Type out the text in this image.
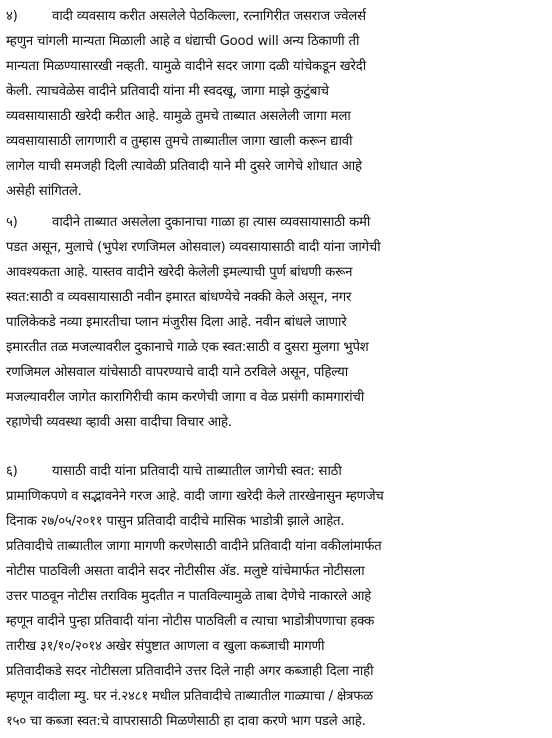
४)	वादी व्यवसाय करीत असलेले पेठकिल्ला, रत्नागिरीत जसराज ज्वेलर्स
म्हणुन चांगली मान्यता मिळाली आहे व धंद्याची Good will अन्य ठिकाणी ती
मान्यता मिळण्यासारखी नव्हती. यामुळे वादीने सदर जागा दळी यांचेकडून खरेदी
केली. त्याचवेळेस वादीने प्रतिवादी यांना मी स्वदखू, जागा माझे कुटुंबाचे
व्यवसायासाठी खरेदी करीत आहे. यामुळे तुमचे ताब्यात असलेली जागा मला
व्यवसायासाठी लागणारी व तुम्हास तुमचे ताब्यातील जागा खाली करून द्यावी
लागेल याची समजही दिली त्यावेळी प्रतिवादी याने मी दुसरे जागेचे शोधात आहे
असेही सांगितले.
५)	वादीने ताब्यात असलेला दुकानाचा गाळा हा त्यास व्यवसायासाठी कमी
पडत असून, मुलाचे (भुपेश रणजिमल ओसवाल) व्यवसायासाठी वादी यांना जागेची
आवश्यकता आहे. यास्तव वादीने खरेदी केलेली इमल्याची पुर्ण बांधणी करून
स्वत:साठी व व्यवसायासाठी नवीन इमारत बांधण्येचे नक्की केले असून, नगर
पालिकेकडे नव्या इमारतीचा प्लान मंजुरीस दिला आहे. नवीन बांधले जाणारे
इमारतीत तळ मजल्यावरील दुकानाचे गाळे एक स्वत:साठी व दुसरा मुलगा भुपेश
रणजिमल ओसवाल यांचेसाठी वापरण्याचे वादी याने ठरविले असून, पहिल्या
मजल्यावरील जागेत कारागिरीची काम करणेची जागा व वेळ प्रसंगी कामगारांची
रहाणेची व्यवस्था व्हावी असा वादीचा विचार आहे.
६)	यासाठी वादी यांना प्रतिवादी याचे ताब्यातील जागेची स्वत: साठी
प्रामाणिकपणे व सद्भावनेने गरज आहे. वादी जागा खरेदी केले तारखेनासुन म्हणजेच
दिनाक २७/०५/२०११ पासुन प्रतिवादी वादीचे मासिक भाडोत्री झाले आहेत.
प्रतिवादीचे ताब्यातील जागा मागणी करणेसाठी वादीने प्रतिवादी यांना वकीलांमार्फत
नोटीस पाठविली असता वादीने सदर नोटीसीस ॲड. मलुष्टे यांचेमार्फत नोटीसला
उत्तर पाठवून नोटीस तराविक मुदतीत न पातविल्यामुळे ताबा देणेचे नाकारले आहे
म्हणून वादीने पुन्हा प्रतिवादी यांना नोटीस पाठविली व त्याचा भाडोत्रीपणाचा हक्क
तारीख ३१/१०/२०१४ अखेर संपुष्टात आणला व खुला कब्जाची मागणी
प्रतिवादीकडे सदर नोटीसला प्रतिवादीने उत्तर दिले नाही अगर कब्जाही दिला नाही
म्हणून वादीला म्यु. घर नं.२४८१ मधील प्रतिवादीचे ताब्यातील गाळ्याचा / क्षेत्रफळ
१५० चा कब्जा स्वत:चे वापरासाठी मिळणेसाठी हा दावा करणे भाग पडले आहे.
